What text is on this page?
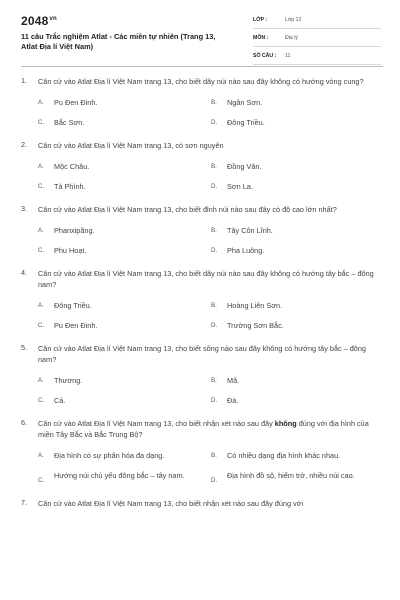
$2048^{vn}$
11 câu Trắc nghiệm Atlat - Các miền tự nhiên (Trang 13, Atlat Địa lí Việt Nam)
LỚP :	Lớp 12
MÔN :	Địa lý
SỐ CÂU : 11
1. Căn cứ vào Atlat Địa lí Việt Nam trang 13, cho biết dãy núi nào sau đây không có hướng vòng cung?
A.	Pu Đen Đinh.	B.	Ngân Sơn.
C.	Bắc Sơn.	D.	Đông Triều.
2. Căn cứ vào Atlat Địa lí Việt Nam trang 13, có sơn nguyên
A.	Mộc Châu.	B.	Đồng Văn.
C.	Tà Phình.	D.	Sơn La.
3. Căn cứ vào Atlat Địa lí Việt Nam trang 13, cho biết đỉnh núi nào sau đây có độ cao lớn nhất?
A.	Phanxipăng.	B.	Tây Côn Lĩnh.
C.	Phu Hoạt.	D.	Pha Luông.
4. Căn cứ vào Atlat Địa lí Việt Nam trang 13, cho biết dãy núi nào sau đây không có hướng tây bắc – đông nam?
A.	Đông Triều.	B.	Hoàng Liên Sơn.
C.	Pu Đen Đinh.	D.	Trường Sơn Bắc.
5. Căn cứ vào Atlat Địa lí Việt Nam trang 13, cho biết sông nào sau đây không có hướng tây bắc – đông nam?
A.	Thương.	B.	Mã.
C.	Cả.	D.	Đà.
6. Căn cứ vào Atlat Địa lí Việt Nam trang 13, cho biết nhận xét nào sau đây không đúng với địa hình của miền Tây Bắc và Bắc Trung Bộ?
A.	Địa hình có sự phân hóa đa dạng.	B.	Có nhiều dạng địa hình khác nhau.
C.
Hướng núi chủ yếu đông bắc – tây nam.
D.
Địa hình đồ sộ, hiểm trở, nhiều núi cao.
7. Căn cứ vào Atlat Địa lí Việt Nam trang 13, cho biết nhận xét nào sau đây đúng với
